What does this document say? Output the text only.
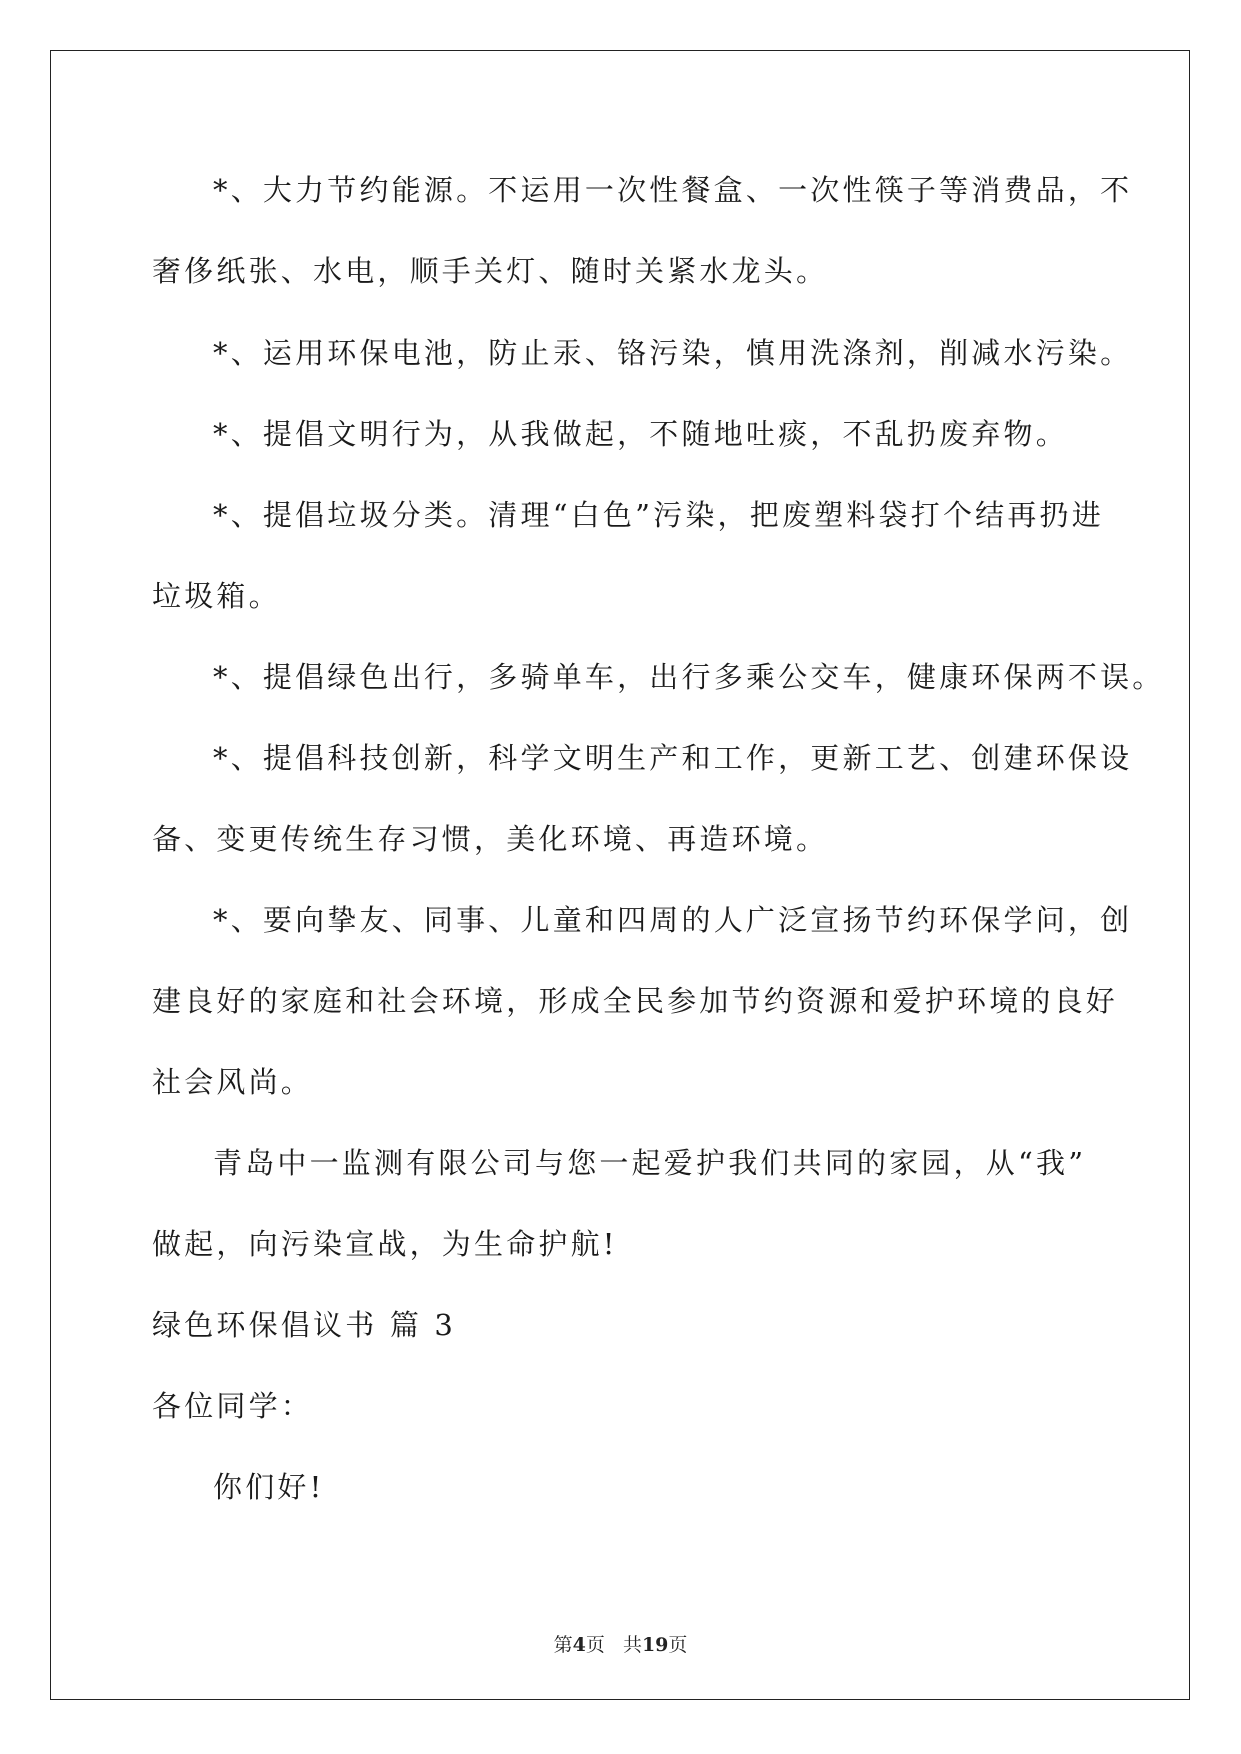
*、大力节约能源。不运用一次性餐盒、一次性筷子等消费品，不
奢侈纸张、水电，顺手关灯、随时关紧水龙头。
*、运用环保电池，防止汞、铬污染，慎用洗涤剂，削减水污染。
*、提倡文明行为，从我做起，不随地吐痰，不乱扔废弃物。
*、提倡垃圾分类。清理“白色”污染，把废塑料袋打个结再扔进
垃圾箱。
*、提倡绿色出行，多骑单车，出行多乘公交车，健康环保两不误。
*、提倡科技创新，科学文明生产和工作，更新工艺、创建环保设
备、变更传统生存习惯，美化环境、再造环境。
*、要向挚友、同事、儿童和四周的人广泛宣扬节约环保学问，创
建良好的家庭和社会环境，形成全民参加节约资源和爱护环境的良好
社会风尚。
青岛中一监测有限公司与您一起爱护我们共同的家园，从“我”
做起，向污染宣战，为生命护航!
绿色环保倡议书 篇 3
各位同学：
你们好!
第4页   共19页
